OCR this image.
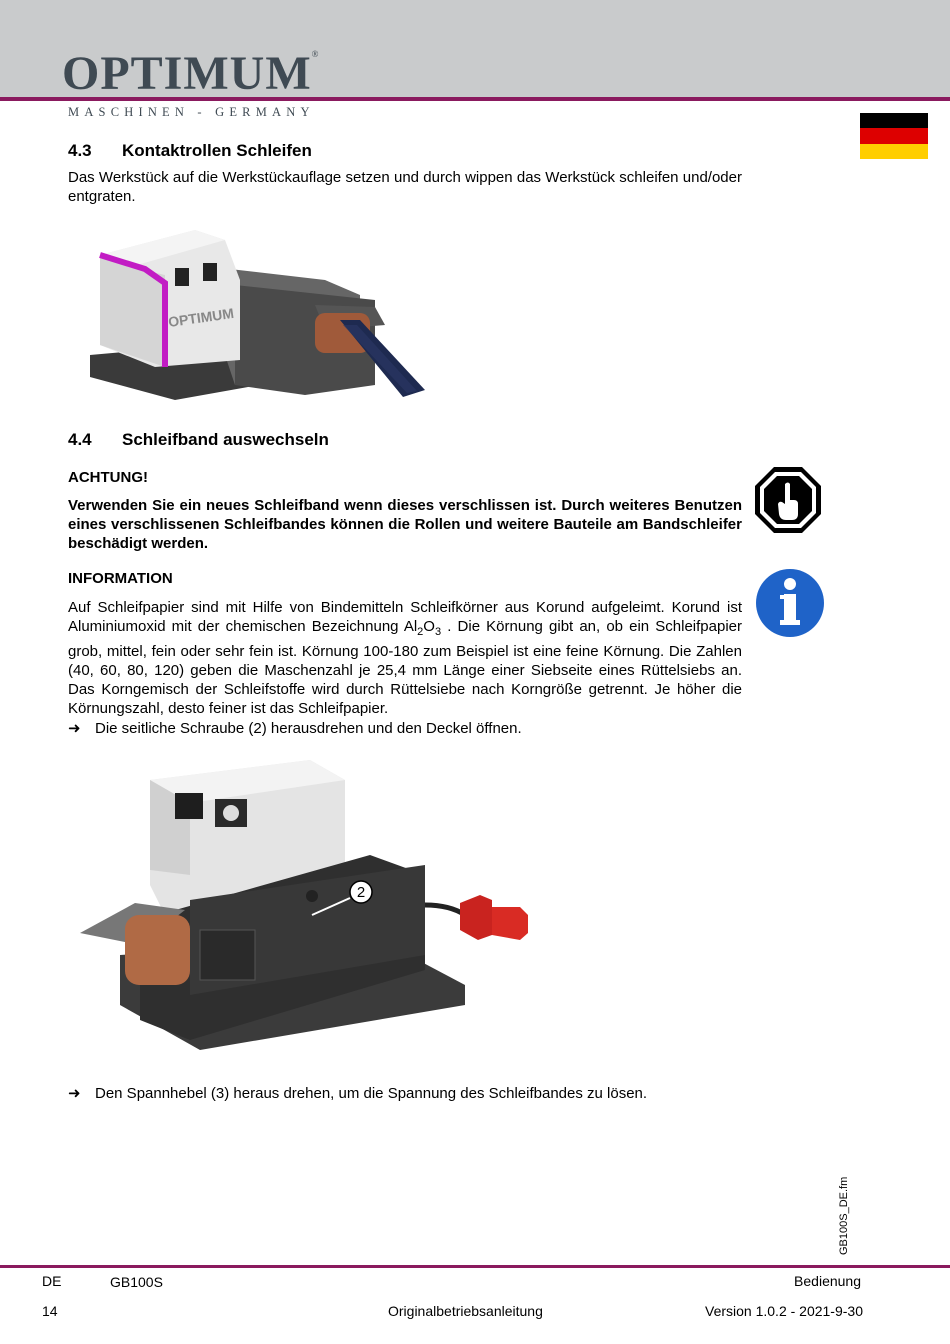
OPTIMUM®
MASCHINEN - GERMANY
4.3 Kontaktrollen Schleifen
Das Werkstück auf die Werkstückauflage setzen und durch wippen das Werkstück schleifen und/oder entgraten.
OPTIMUM
4.4 Schleifband auswechseln
ACHTUNG!
Verwenden Sie ein neues Schleifband wenn dieses verschlissen ist. Durch weiteres Benutzen eines verschlissenen Schleifbandes können die Rollen und weitere Bauteile am Bandschleifer beschädigt werden.
INFORMATION
Auf Schleifpapier sind mit Hilfe von Bindemitteln Schleifkörner aus Korund aufgeleimt. Korund ist Aluminiumoxid mit der chemischen Bezeichnung $Al_2O_3$ . Die Körnung gibt an, ob ein Schleifpapier grob, mittel, fein oder sehr fein ist. Körnung 100-180 zum Beispiel ist eine feine Körnung. Die Zahlen (40, 60, 80, 120) geben die Maschenzahl je 25,4 mm Länge einer Siebseite eines Rüttelsiebs an. Das Korngemisch der Schleifstoffe wird durch Rüttelsiebe nach Korngröße getrennt. Je höher die Körnungszahl, desto feiner ist das Schleifpapier.
➜ Die seitliche Schraube (2) herausdrehen und den Deckel öffnen.
2
➜ Den Spannhebel (3) heraus drehen, um die Spannung des Schleifbandes zu lösen.
GB100S_DE.fm
DE	GB100S	Bedienung
14	Originalbetriebsanleitung	Version 1.0.2 - 2021-9-30
